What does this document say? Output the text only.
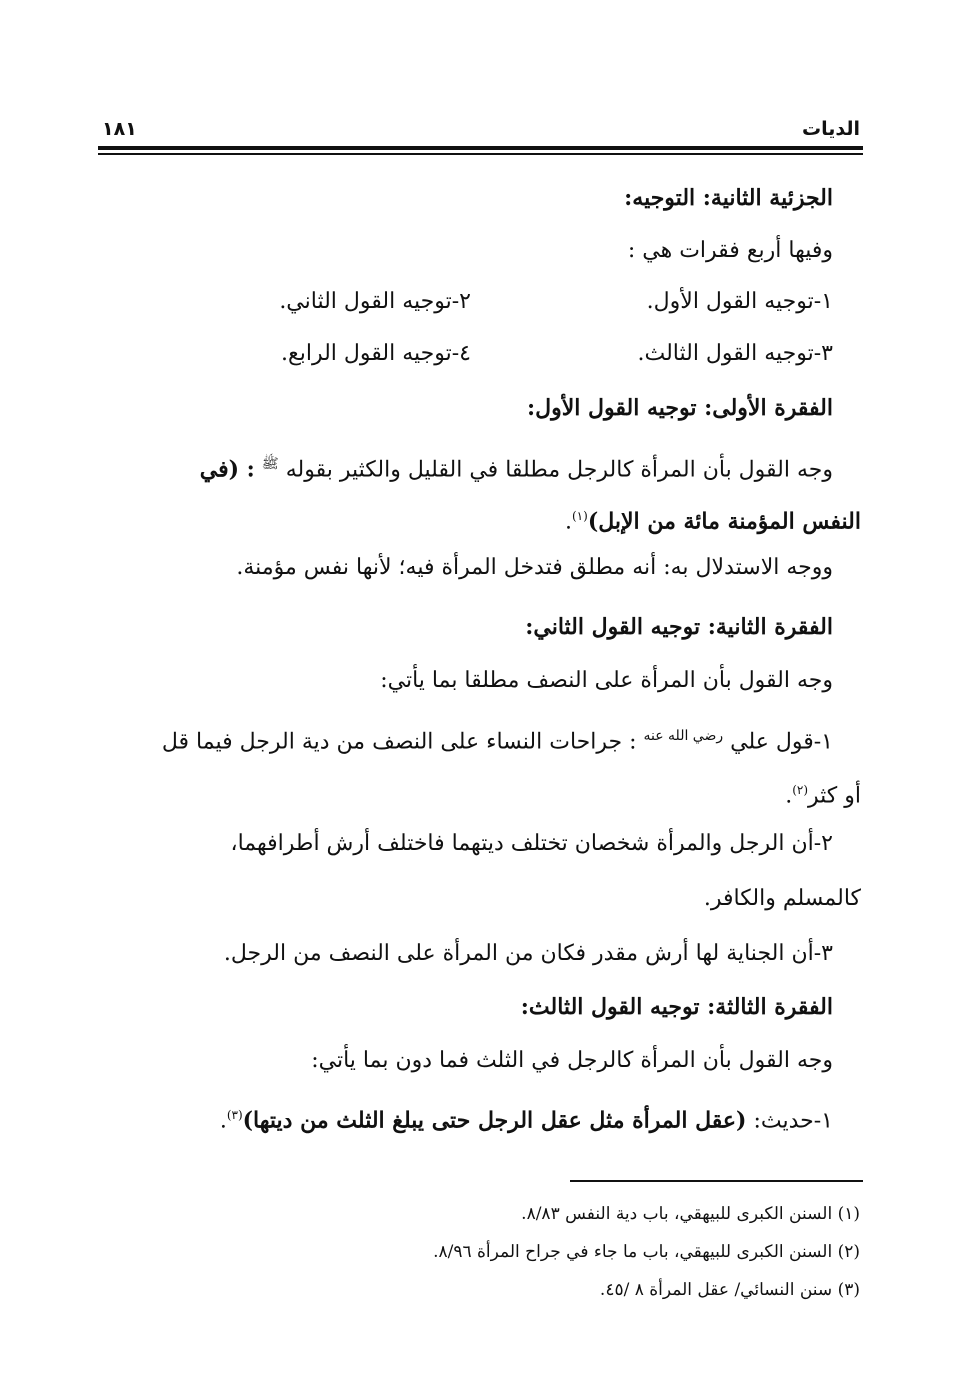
الديات
١٨١
الجزئية الثانية: التوجيه:
وفيها أربع فقرات هي :
١-توجيه القول الأول.
٢-توجيه القول الثاني.
٣-توجيه القول الثالث.
٤-توجيه القول الرابع.
الفقرة الأولى: توجيه القول الأول:
وجه القول بأن المرأة كالرجل مطلقا في القليل والكثير بقوله $^ﷺ$ : (في
النفس المؤمنة مائة من الإبل)$^{(١)}$.
ووجه الاستدلال به: أنه مطلق فتدخل المرأة فيه؛ لأنها نفس مؤمنة.
الفقرة الثانية: توجيه القول الثاني:
وجه القول بأن المرأة على النصف مطلقا بما يأتي:
١-قول علي $^{رضي الله عنه}$ : جراحات النساء على النصف من دية الرجل فيما قل
أو كثر$^{(٢)}$.
٢-أن الرجل والمرأة شخصان تختلف ديتهما فاختلف أرش أطرافهما،
كالمسلم والكافر.
٣-أن الجناية لها أرش مقدر فكان من المرأة على النصف من الرجل.
الفقرة الثالثة: توجيه القول الثالث:
وجه القول بأن المرأة كالرجل في الثلث فما دون بما يأتي:
١-حديث: (عقل المرأة مثل عقل الرجل حتى يبلغ الثلث من ديتها)$^{(٣)}$.
(١) السنن الكبرى للبيهقي، باب دية النفس ٨/٨٣.
(٢) السنن الكبرى للبيهقي، باب ما جاء في جراح المرأة ٨/٩٦.
(٣) سنن النسائي/ عقل المرأة ٨ /٤٥.
